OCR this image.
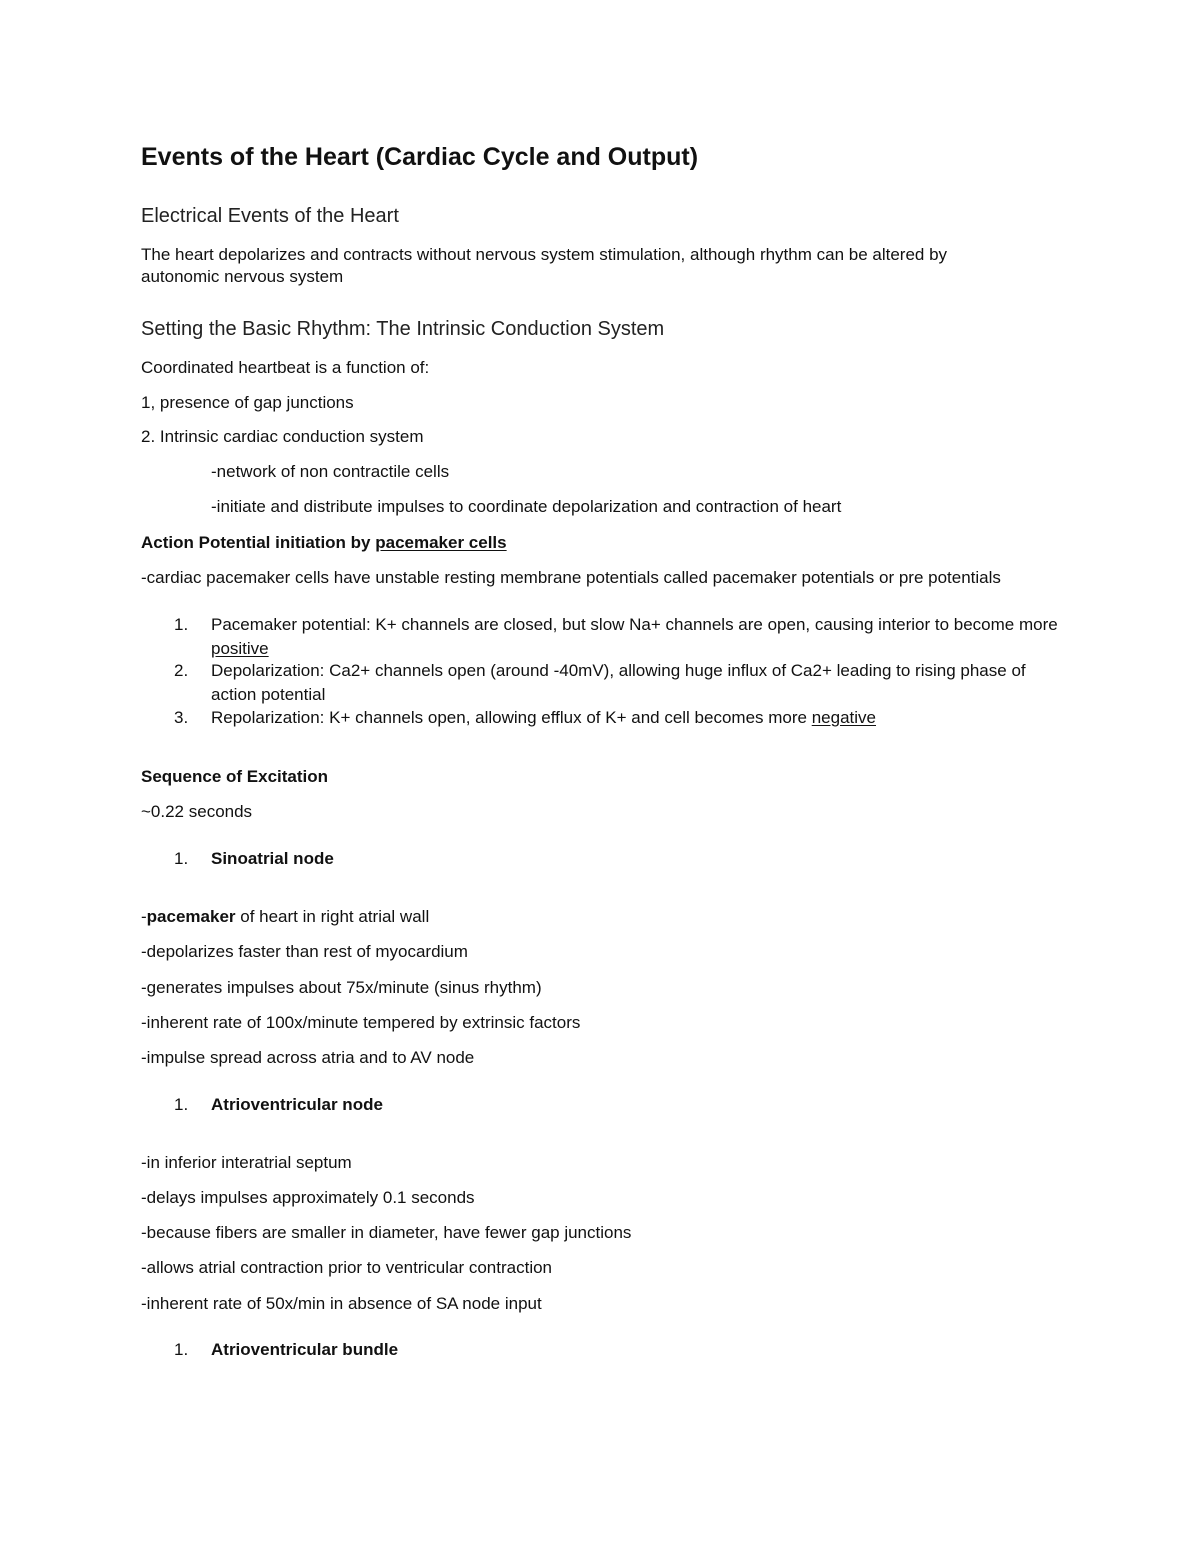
Events of the Heart (Cardiac Cycle and Output)
Electrical Events of the Heart
The heart depolarizes and contracts without nervous system stimulation, although rhythm can be altered by
autonomic nervous system
Setting the Basic Rhythm: The Intrinsic Conduction System
Coordinated heartbeat is a function of:
1, presence of gap junctions
2. Intrinsic cardiac conduction system
-network of non contractile cells
-initiate and distribute impulses to coordinate depolarization and contraction of heart
Action Potential initiation by pacemaker cells
-cardiac pacemaker cells have unstable resting membrane potentials called pacemaker potentials or pre potentials
1. Pacemaker potential: K+ channels are closed, but slow Na+ channels are open, causing interior to become more positive
2. Depolarization: Ca2+ channels open (around -40mV), allowing huge influx of Ca2+ leading to rising phase of action potential
3. Repolarization: K+ channels open, allowing efflux of K+ and cell becomes more negative
Sequence of Excitation
~0.22 seconds
1. Sinoatrial node
-pacemaker of heart in right atrial wall
-depolarizes faster than rest of myocardium
-generates impulses about 75x/minute (sinus rhythm)
-inherent rate of 100x/minute tempered by extrinsic factors
-impulse spread across atria and to AV node
1. Atrioventricular node
-in inferior interatrial septum
-delays impulses approximately 0.1 seconds
-because fibers are smaller in diameter, have fewer gap junctions
-allows atrial contraction prior to ventricular contraction
-inherent rate of 50x/min in absence of SA node input
1. Atrioventricular bundle
